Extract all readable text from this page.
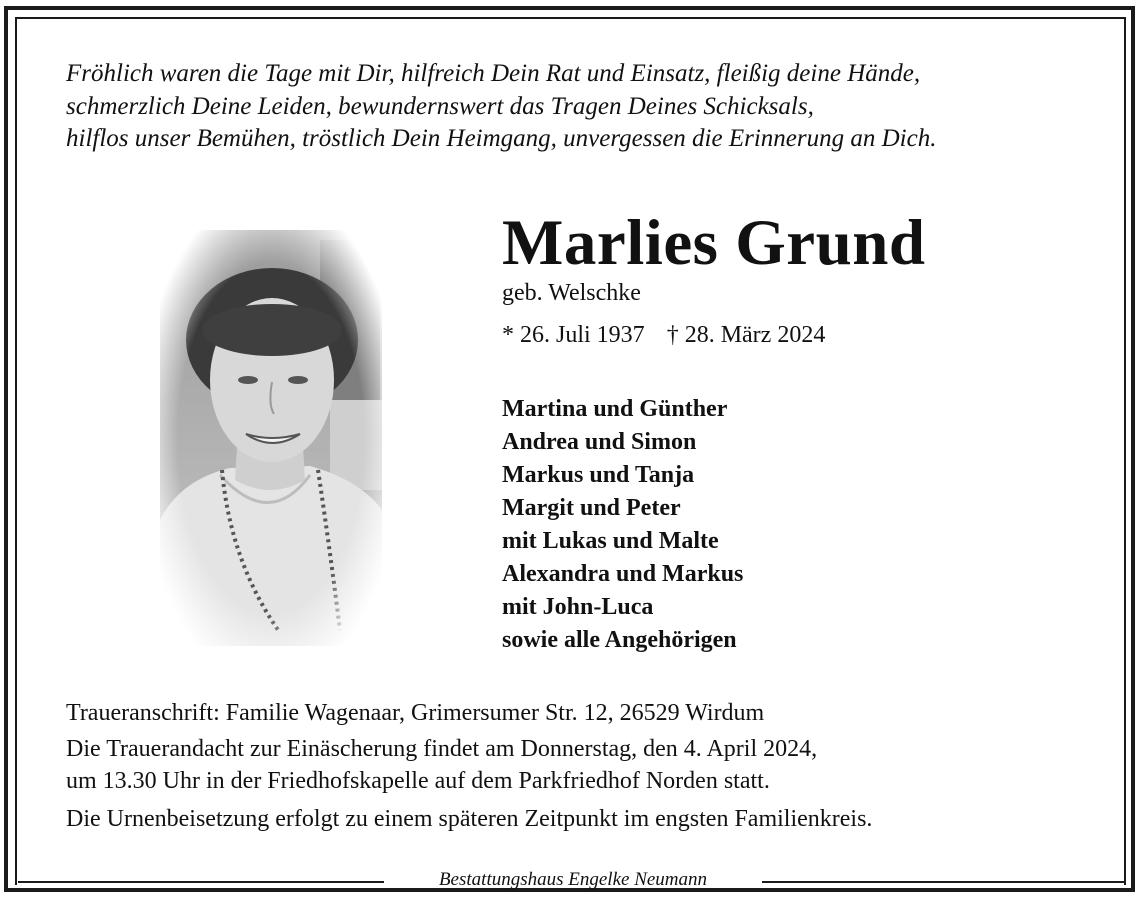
Fröhlich waren die Tage mit Dir, hilfreich Dein Rat und Einsatz, fleißig deine Hände,
schmerzlich Deine Leiden, bewundernswert das Tragen Deines Schicksals,
hilflos unser Bemühen, tröstlich Dein Heimgang, unvergessen die Erinnerung an Dich.
Marlies Grund
geb. Welschke
* 26. Juli 1937 † 28. März 2024
Martina und Günther
Andrea und Simon
Markus und Tanja
Margit und Peter
mit Lukas und Malte
Alexandra und Markus
mit John-Luca
sowie alle Angehörigen
Traueranschrift: Familie Wagenaar, Grimersumer Str. 12, 26529 Wirdum
Die Trauerandacht zur Einäscherung findet am Donnerstag, den 4. April 2024,
um 13.30 Uhr in der Friedhofskapelle auf dem Parkfriedhof Norden statt.
Die Urnenbeisetzung erfolgt zu einem späteren Zeitpunkt im engsten Familienkreis.
Bestattungshaus Engelke Neumann
